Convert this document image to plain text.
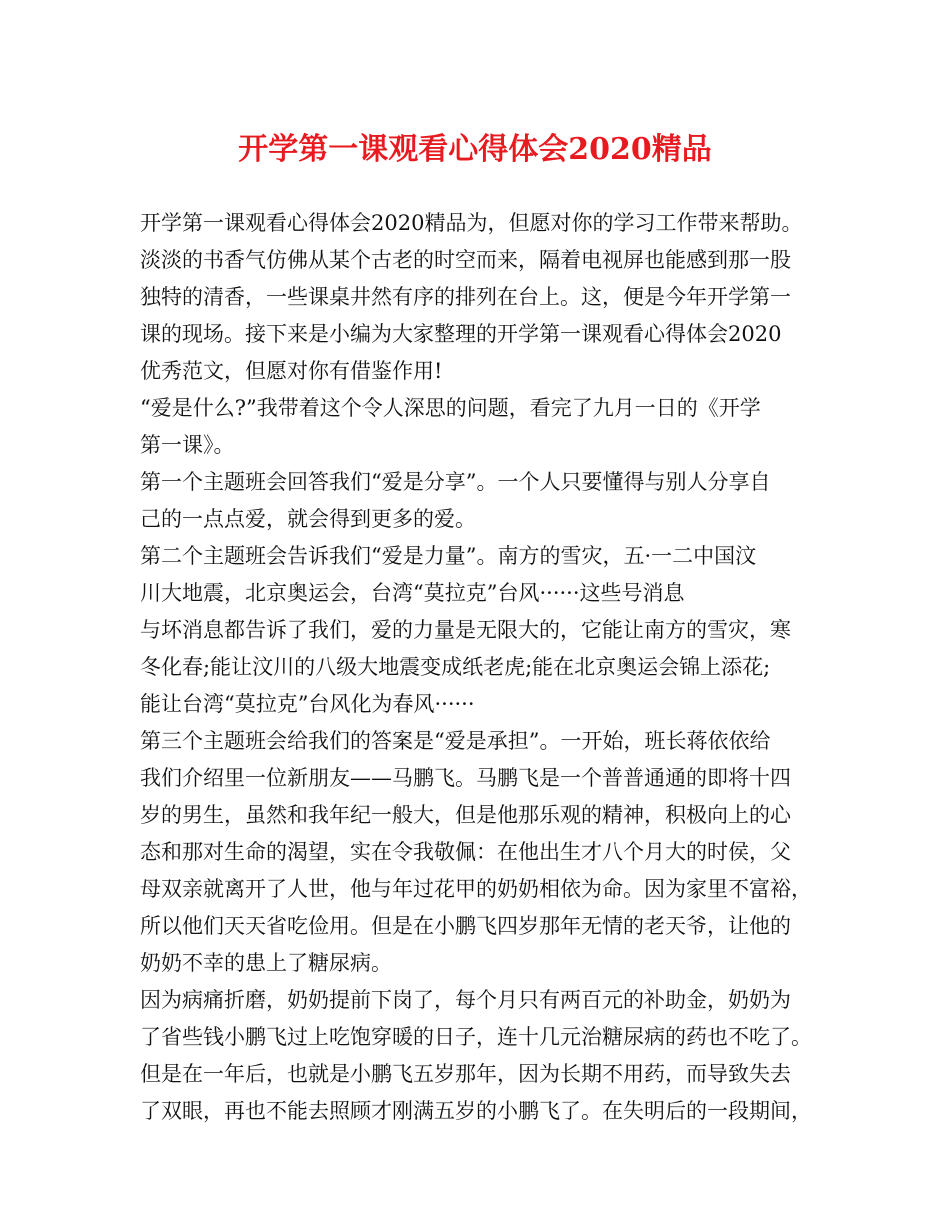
开学第一课观看心得体会2020精品
开学第一课观看心得体会2020精品为，但愿对你的学习工作带来帮助。
淡淡的书香气仿佛从某个古老的时空而来，隔着电视屏也能感到那一股
独特的清香，一些课桌井然有序的排列在台上。这，便是今年开学第一
课的现场。接下来是小编为大家整理的开学第一课观看心得体会2020
优秀范文，但愿对你有借鉴作用!
“爱是什么?”我带着这个令人深思的问题，看完了九月一日的《开学
第一课》。
第一个主题班会回答我们“爱是分享”。一个人只要懂得与别人分享自
己的一点点爱，就会得到更多的爱。
第二个主题班会告诉我们“爱是力量”。南方的雪灾，五·一二中国汶
川大地震，北京奥运会，台湾“莫拉克”台风······这些号消息
与坏消息都告诉了我们，爱的力量是无限大的，它能让南方的雪灾，寒
冬化春;能让汶川的八级大地震变成纸老虎;能在北京奥运会锦上添花;
能让台湾“莫拉克”台风化为春风······
第三个主题班会给我们的答案是“爱是承担”。一开始，班长蒋依依给
我们介绍里一位新朋友——马鹏飞。马鹏飞是一个普普通通的即将十四
岁的男生，虽然和我年纪一般大，但是他那乐观的精神，积极向上的心
态和那对生命的渴望，实在令我敬佩：在他出生才八个月大的时侯，父
母双亲就离开了人世，他与年过花甲的奶奶相依为命。因为家里不富裕，
所以他们天天省吃俭用。但是在小鹏飞四岁那年无情的老天爷，让他的
奶奶不幸的患上了糖尿病。
因为病痛折磨，奶奶提前下岗了，每个月只有两百元的补助金，奶奶为
了省些钱小鹏飞过上吃饱穿暖的日子，连十几元治糖尿病的药也不吃了。
但是在一年后，也就是小鹏飞五岁那年，因为长期不用药，而导致失去
了双眼，再也不能去照顾才刚满五岁的小鹏飞了。在失明后的一段期间，
